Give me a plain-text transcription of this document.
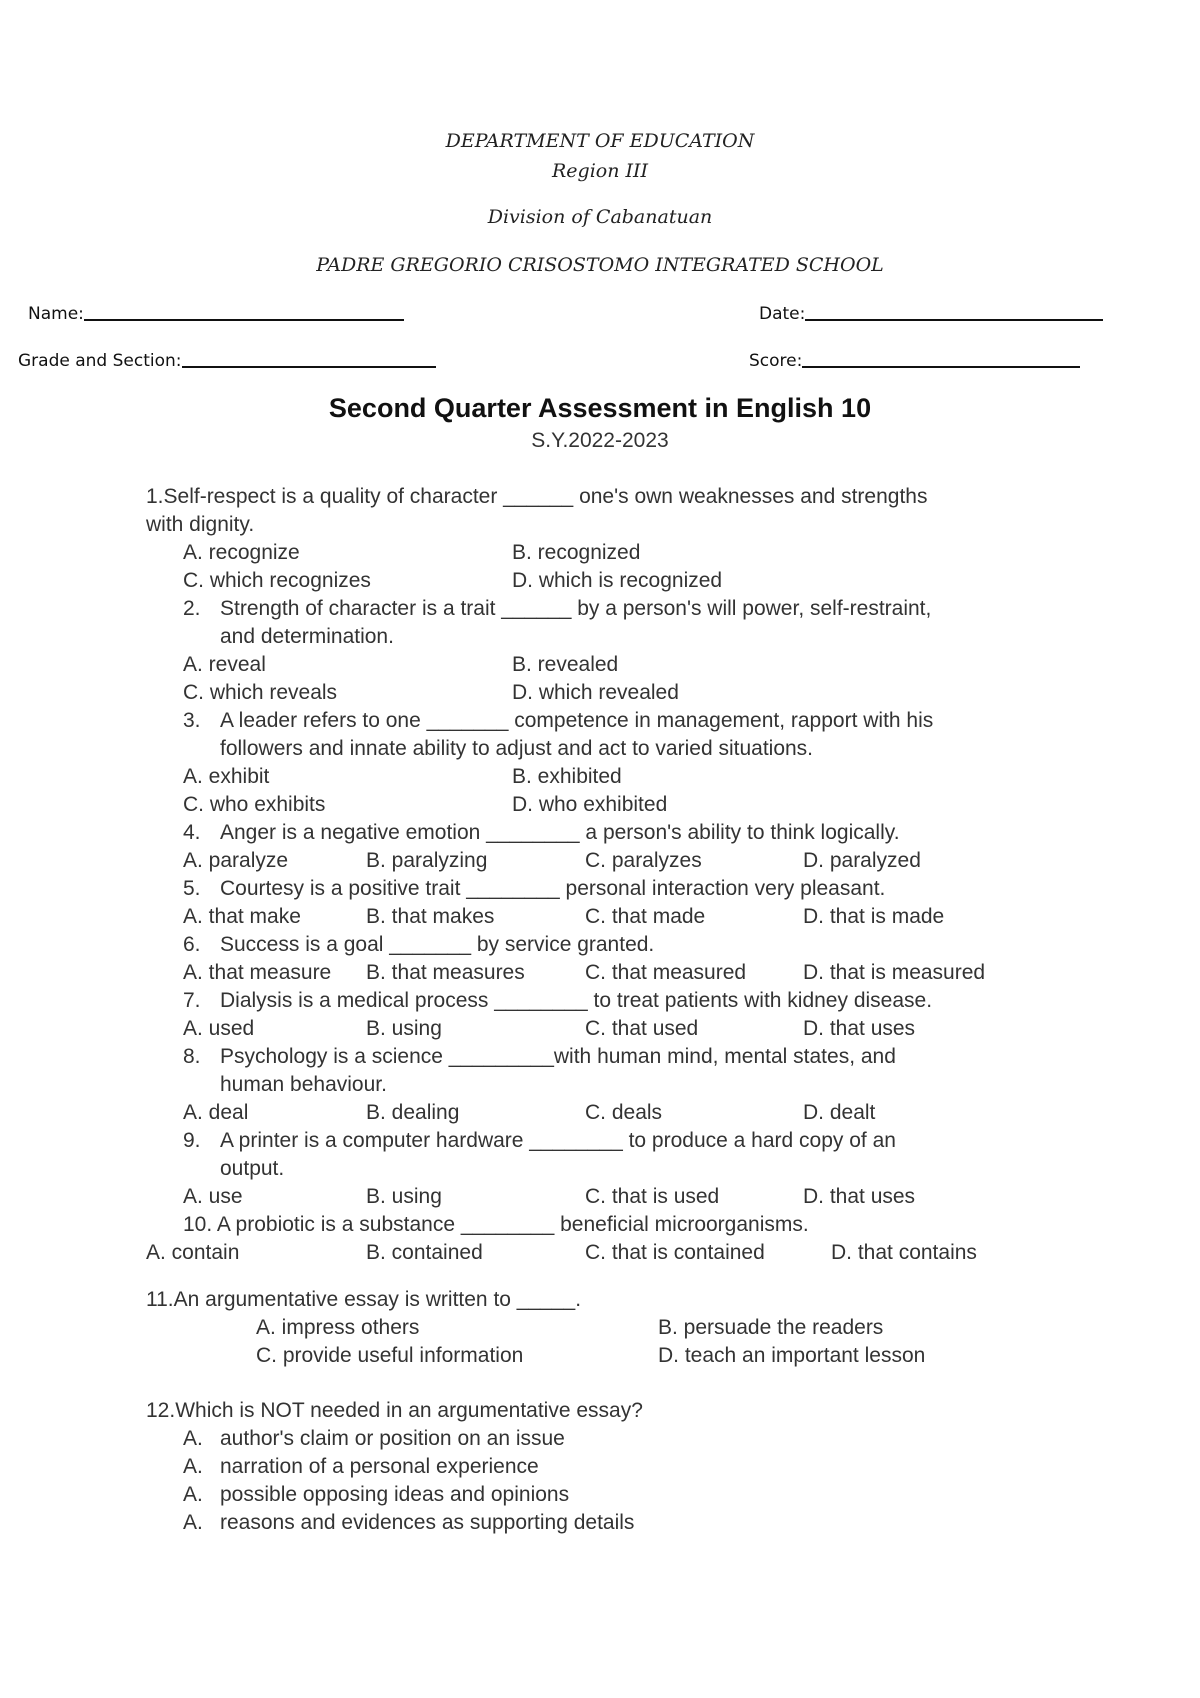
DEPARTMENT OF EDUCATION
Region III
Division of Cabanatuan
PADRE GREGORIO CRISOSTOMO INTEGRATED SCHOOL
Name:	Date:
Grade and Section:	Score:
Second Quarter Assessment in English 10
S.Y.2022-2023
1.Self-respect is a quality of character ______ one's own weaknesses and strengths
with dignity.
A. recognize	B. recognized
C. which recognizes	D. which is recognized
2. Strength of character is a trait ______ by a person's will power, self-restraint,
and determination.
A. reveal	B. revealed
C. which reveals	D. which revealed
3. A leader refers to one _______ competence in management, rapport with his
followers and innate ability to adjust and act to varied situations.
A. exhibit	B. exhibited
C. who exhibits	D. who exhibited
4. Anger is a negative emotion ________ a person's ability to think logically.
A. paralyze	B. paralyzing	C. paralyzes	D. paralyzed
5. Courtesy is a positive trait ________ personal interaction very pleasant.
A. that make	B. that makes	C. that made	D. that is made
6. Success is a goal _______ by service granted.
A. that measure B. that measures	C. that measured	D. that is measured
7. Dialysis is a medical process ________ to treat patients with kidney disease.
A. used	B. using	C. that used	D. that uses
8. Psychology is a science _________with human mind, mental states, and
human behaviour.
A. deal	B. dealing	C. deals	D. dealt
9. A printer is a computer hardware ________ to produce a hard copy of an
output.
A. use	B. using	C. that is used	D. that uses
10. A probiotic is a substance ________ beneficial microorganisms.
A. contain	B. contained	C. that is contained	D. that contains
11.An argumentative essay is written to _____.
A. impress others	B. persuade the readers
C. provide useful information	D. teach an important lesson
12.Which is NOT needed in an argumentative essay?
A. author's claim or position on an issue
A. narration of a personal experience
A. possible opposing ideas and opinions
A. reasons and evidences as supporting details
